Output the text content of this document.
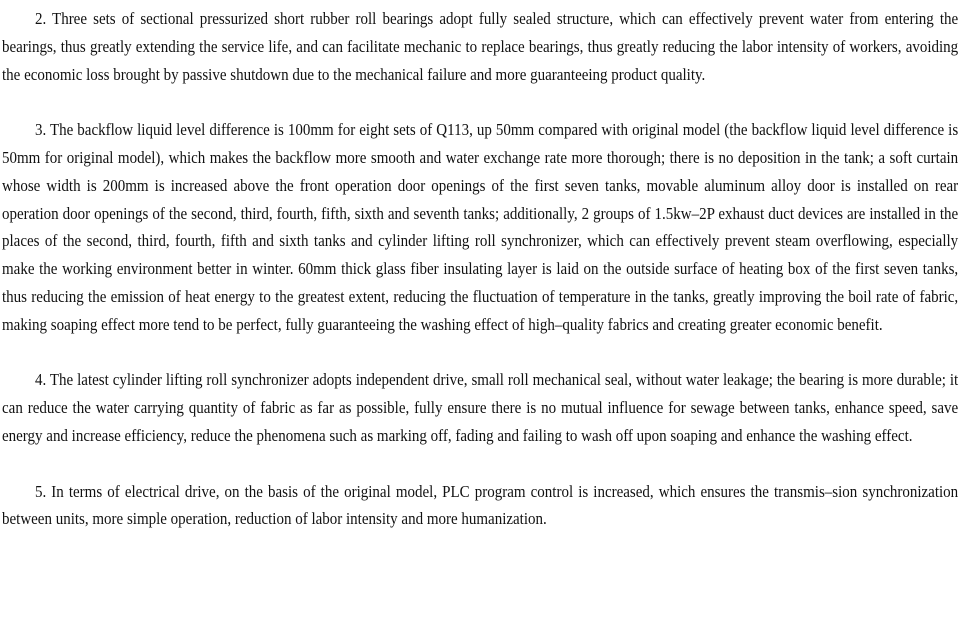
2. Three sets of sectional pressurized short rubber roll bearings adopt fully sealed structure, which can effectively prevent water from entering the bearings, thus greatly extending the service life, and can facilitate mechanic to replace bearings, thus greatly reducing the labor intensity of workers, avoiding the economic loss brought by passive shutdown due to the mechanical failure and more guaranteeing product quality.

3. The backflow liquid level difference is 100mm for eight sets of Q113, up 50mm compared with original model (the backflow liquid level difference is 50mm for original model), which makes the backflow more smooth and water exchange rate more thorough; there is no deposition in the tank; a soft curtain whose width is 200mm is increased above the front operation door openings of the first seven tanks, movable aluminum alloy door is installed on rear operation door openings of the second, third, fourth, fifth, sixth and seventh tanks; additionally, 2 groups of 1.5kw–2P exhaust duct devices are installed in the places of the second, third, fourth, fifth and sixth tanks and cylinder lifting roll synchronizer, which can effectively prevent steam overflowing, especially make the working environment better in winter. 60mm thick glass fiber insulating layer is laid on the outside surface of heating box of the first seven tanks, thus reducing the emission of heat energy to the greatest extent, reducing the fluctuation of temperature in the tanks, greatly improving the boil rate of fabric, making soaping effect more tend to be perfect, fully guaranteeing the washing effect of high–quality fabrics and creating greater economic benefit.

4. The latest cylinder lifting roll synchronizer adopts independent drive, small roll mechanical seal, without water leakage; the bearing is more durable; it can reduce the water carrying quantity of fabric as far as possible, fully ensure there is no mutual influence for sewage between tanks, enhance speed, save energy and increase efficiency, reduce the phenomena such as marking off, fading and failing to wash off upon soaping and enhance the washing effect.

5. In terms of electrical drive, on the basis of the original model, PLC program control is increased, which ensures the transmis–sion synchronization between units, more simple operation, reduction of labor intensity and more humanization.
